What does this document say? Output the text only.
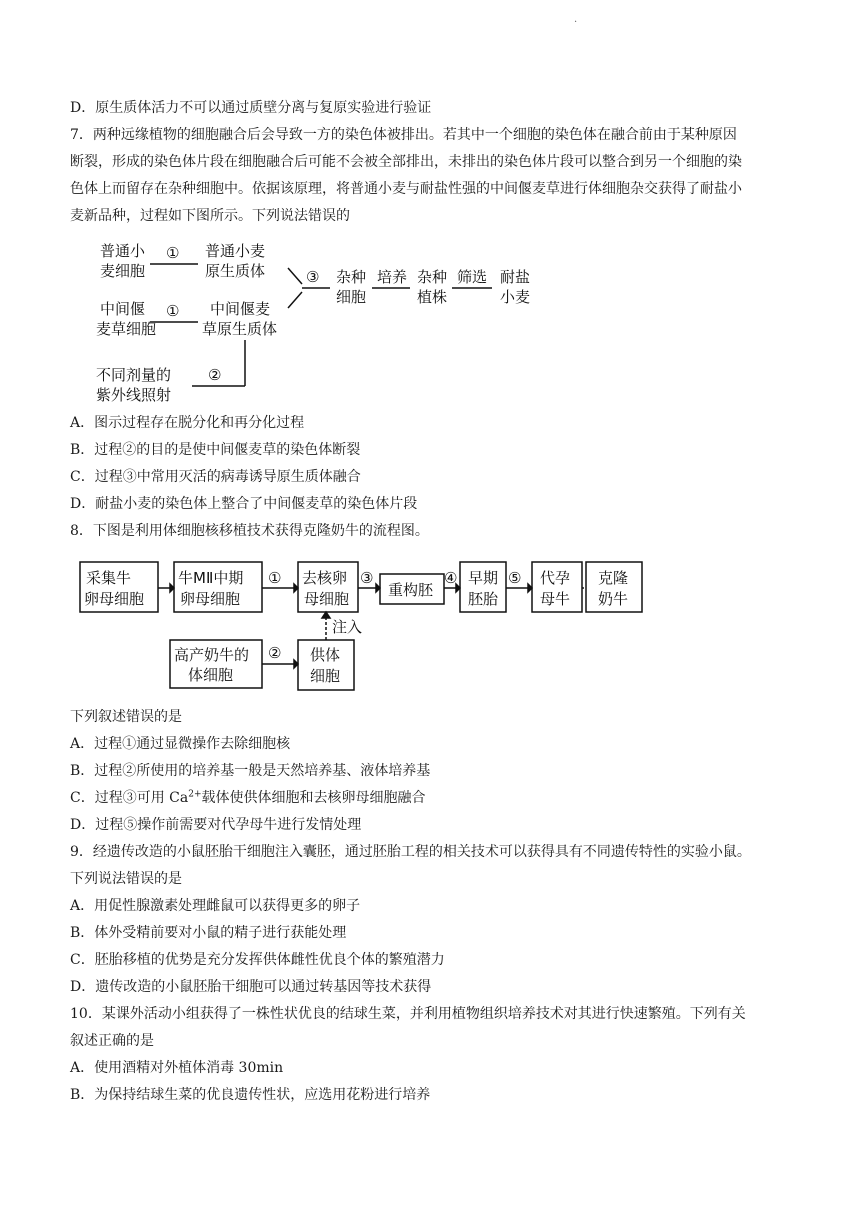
.
D．原生质体活力不可以通过质壁分离与复原实验进行验证
7．两种远缘植物的细胞融合后会导致一方的染色体被排出。若其中一个细胞的染色体在融合前由于某种原因
断裂，形成的染色体片段在细胞融合后可能不会被全部排出，未排出的染色体片段可以整合到另一个细胞的染
色体上而留存在杂种细胞中。依据该原理，将普通小麦与耐盐性强的中间偃麦草进行体细胞杂交获得了耐盐小
麦新品种，过程如下图所示。下列说法错误的
普通小
麦细胞
① 普通小麦
原生质体
中间偃
麦草细胞
① 中间偃麦
草原生质体
③ 杂种
细胞
培养 杂种
植株
筛选 耐盐
小麦
②
不同剂量的
紫外线照射
A．图示过程存在脱分化和再分化过程
B．过程②的目的是使中间偃麦草的染色体断裂
C．过程③中常用灭活的病毒诱导原生质体融合
D．耐盐小麦的染色体上整合了中间偃麦草的染色体片段
8．下图是利用体细胞核移植技术获得克隆奶牛的流程图。
采集牛
卵母细胞
牛MⅡ中期
卵母细胞
① 去核卵
母细胞
③
重构胚
④ 早期
胚胎
⑤ 代孕
母牛
克隆
奶牛
注入
高产奶牛的
体细胞
② 供体
细胞
下列叙述错误的是
A．过程①通过显微操作去除细胞核
B．过程②所使用的培养基一般是天然培养基、液体培养基
C．过程③可用 $Ca^{2+}$载体使供体细胞和去核卵母细胞融合
D．过程⑤操作前需要对代孕母牛进行发情处理
9．经遗传改造的小鼠胚胎干细胞注入囊胚，通过胚胎工程的相关技术可以获得具有不同遗传特性的实验小鼠。
下列说法错误的是
A．用促性腺激素处理雌鼠可以获得更多的卵子
B．体外受精前要对小鼠的精子进行获能处理
C．胚胎移植的优势是充分发挥供体雌性优良个体的繁殖潜力
D．遗传改造的小鼠胚胎干细胞可以通过转基因等技术获得
10．某课外活动小组获得了一株性状优良的结球生菜，并利用植物组织培养技术对其进行快速繁殖。下列有关
叙述正确的是
A．使用酒精对外植体消毒 30min
B．为保持结球生菜的优良遗传性状，应选用花粉进行培养
